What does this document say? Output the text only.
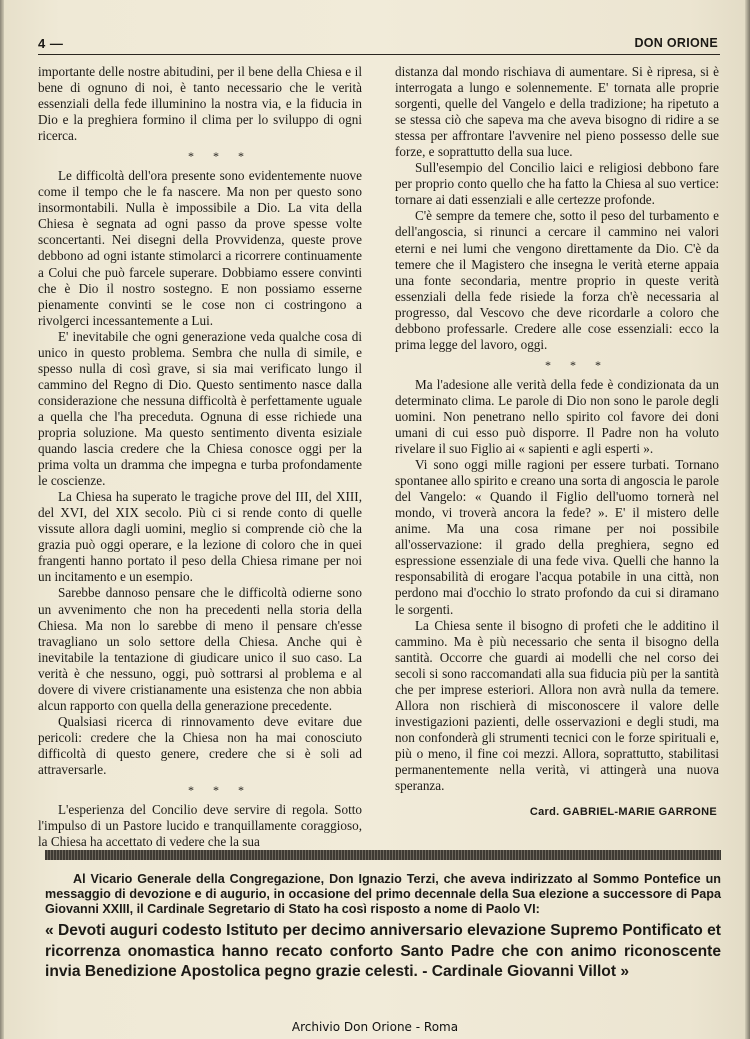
4 —	DON ORIONE

importante delle nostre abitudini, per il bene della Chiesa e il bene di ognuno di noi, è tanto necessario che le verità essenziali della fede illuminino la nostra via, e la fiducia in Dio e la preghiera formino il clima per lo sviluppo di ogni ricerca.

* * *

Le difficoltà dell'ora presente sono evidentemente nuove come il tempo che le fa nascere. Ma non per questo sono insormontabili. Nulla è impossibile a Dio. La vita della Chiesa è segnata ad ogni passo da prove spesse volte sconcertanti. Nei disegni della Provvidenza, queste prove debbono ad ogni istante stimolarci a ricorrere continuamente a Colui che può farcele superare. Dobbiamo essere convinti che è Dio il nostro sostegno. E non possiamo esserne pienamente convinti se le cose non ci costringono a rivolgerci incessantemente a Lui.

E' inevitabile che ogni generazione veda qualche cosa di unico in questo problema. Sembra che nulla di simile, e spesso nulla di così grave, si sia mai verificato lungo il cammino del Regno di Dio. Questo sentimento nasce dalla considerazione che nessuna difficoltà è perfettamente uguale a quella che l'ha preceduta. Ognuna di esse richiede una propria soluzione. Ma questo sentimento diventa esiziale quando lascia credere che la Chiesa conosce oggi per la prima volta un dramma che impegna e turba profondamente le coscienze.

La Chiesa ha superato le tragiche prove del III, del XIII, del XVI, del XIX secolo. Più ci si rende conto di quelle vissute allora dagli uomini, meglio si comprende ciò che la grazia può oggi operare, e la lezione di coloro che in quei frangenti hanno portato il peso della Chiesa rimane per noi un incitamento e un esempio.

Sarebbe dannoso pensare che le difficoltà odierne sono un avvenimento che non ha precedenti nella storia della Chiesa. Ma non lo sarebbe di meno il pensare ch'esse travagliano un solo settore della Chiesa. Anche qui è inevitabile la tentazione di giudicare unico il suo caso. La verità è che nessuno, oggi, può sottrarsi al problema e al dovere di vivere cristianamente una esistenza che non abbia alcun rapporto con quella della generazione precedente.

Qualsiasi ricerca di rinnovamento deve evitare due pericoli: credere che la Chiesa non ha mai conosciuto difficoltà di questo genere, credere che si è soli ad attraversarle.

* * *

L'esperienza del Concilio deve servire di regola. Sotto l'impulso di un Pastore lucido e tranquillamente coraggioso, la Chiesa ha accettato di vedere che la sua

distanza dal mondo rischiava di aumentare. Si è ripresa, si è interrogata a lungo e solennemente. E' tornata alle proprie sorgenti, quelle del Vangelo e della tradizione; ha ripetuto a se stessa ciò che sapeva ma che aveva bisogno di ridire a se stessa per affrontare l'avvenire nel pieno possesso delle sue forze, e soprattutto della sua luce.

Sull'esempio del Concilio laici e religiosi debbono fare per proprio conto quello che ha fatto la Chiesa al suo vertice: tornare ai dati essenziali e alle certezze profonde.

C'è sempre da temere che, sotto il peso del turbamento e dell'angoscia, si rinunci a cercare il cammino nei valori eterni e nei lumi che vengono direttamente da Dio. C'è da temere che il Magistero che insegna le verità eterne appaia una fonte secondaria, mentre proprio in queste verità essenziali della fede risiede la forza ch'è necessaria al progresso, dal Vescovo che deve ricordarle a coloro che debbono professarle. Credere alle cose essenziali: ecco la prima legge del lavoro, oggi.

* * *

Ma l'adesione alle verità della fede è condizionata da un determinato clima. Le parole di Dio non sono le parole degli uomini. Non penetrano nello spirito col favore dei doni umani di cui esso può disporre. Il Padre non ha voluto rivelare il suo Figlio ai « sapienti e agli esperti ».

Vi sono oggi mille ragioni per essere turbati. Tornano spontanee allo spirito e creano una sorta di angoscia le parole del Vangelo: « Quando il Figlio dell'uomo tornerà nel mondo, vi troverà ancora la fede? ». E' il mistero delle anime. Ma una cosa rimane per noi possibile all'osservazione: il grado della preghiera, segno ed espressione essenziale di una fede viva. Quelli che hanno la responsabilità di erogare l'acqua potabile in una città, non perdono mai d'occhio lo strato profondo da cui si diramano le sorgenti.

La Chiesa sente il bisogno di profeti che le additino il cammino. Ma è più necessario che senta il bisogno della santità. Occorre che guardi ai modelli che nel corso dei secoli si sono raccomandati alla sua fiducia più per la santità che per imprese esteriori. Allora non avrà nulla da temere. Allora non rischierà di misconoscere il valore delle investigazioni pazienti, delle osservazioni e degli studi, ma non confonderà gli strumenti tecnici con le forze spirituali e, più o meno, il fine coi mezzi. Allora, soprattutto, stabilitasi permanentemente nella verità, vi attingerà una nuova speranza.

Card. GABRIEL-MARIE GARRONE

Al Vicario Generale della Congregazione, Don Ignazio Terzi, che aveva indirizzato al Sommo Pontefice un messaggio di devozione e di augurio, in occasione del primo decennale della Sua elezione a successore di Papa Giovanni XXIII, il Cardinale Segretario di Stato ha così risposto a nome di Paolo VI:

« Devoti auguri codesto Istituto per decimo anniversario elevazione Supremo Pontificato et ricorrenza onomastica hanno recato conforto Santo Padre che con animo riconoscente invia Benedizione Apostolica pegno grazie celesti. - Cardinale Giovanni Villot »

Archivio Don Orione - Roma
